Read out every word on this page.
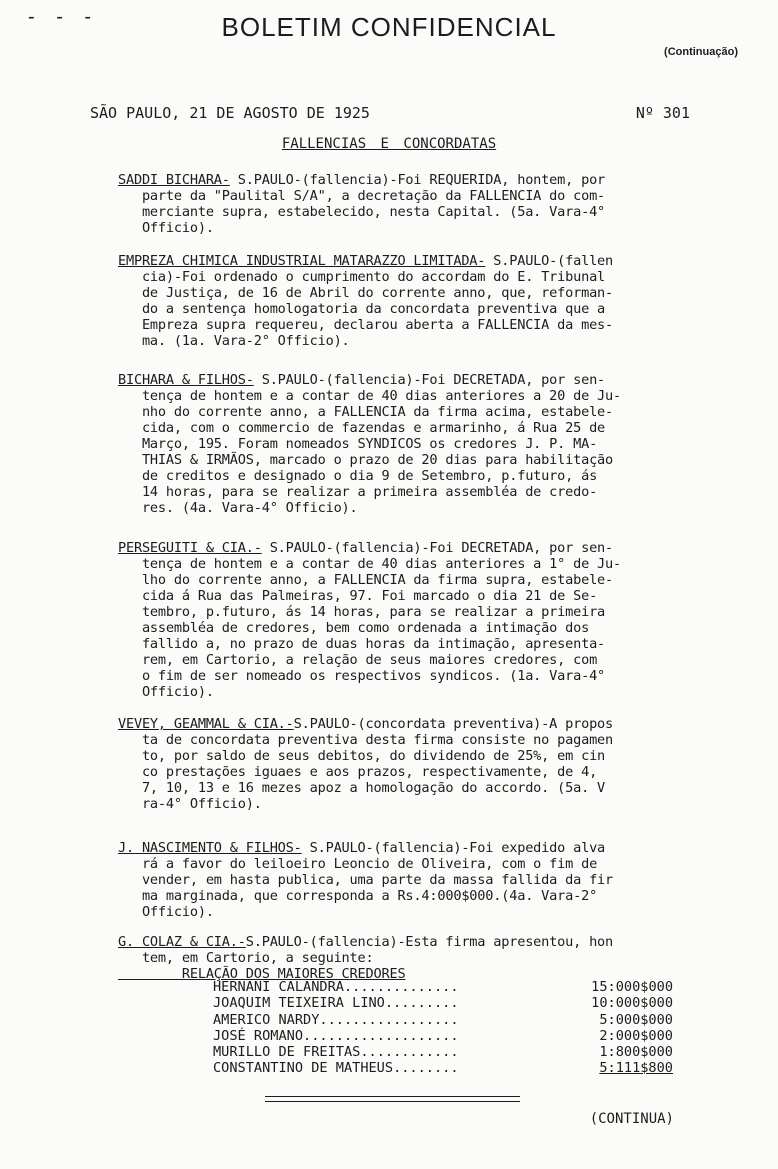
- - -	BOLETIM CONFIDENCIAL
(Continuação)
SÃO PAULO, 21 DE AGOSTO DE 1925	Nº 301
FALLENCIAS E CONCORDATAS
SADDI BICHARA- S.PAULO-(fallencia)-Foi REQUERIDA, hontem, por
parte da "Paulital S/A", a decretação da FALLENCIA do com-
merciante supra, estabelecido, nesta Capital. (5a. Vara-4°
Officio).
EMPREZA CHIMICA INDUSTRIAL MATARAZZO LIMITADA- S.PAULO-(fallen
cia)-Foi ordenado o cumprimento do accordam do E. Tribunal
de Justiça, de 16 de Abril do corrente anno, que, reforman-
do a sentença homologatoria da concordata preventiva que a
Empreza supra requereu, declarou aberta a FALLENCIA da mes-
ma. (1a. Vara-2° Officio).
BICHARA & FILHOS- S.PAULO-(fallencia)-Foi DECRETADA, por sen-
tença de hontem e a contar de 40 dias anteriores a 20 de Ju-
nho do corrente anno, a FALLENCIA da firma acima, estabele-
cida, com o commercio de fazendas e armarinho, á Rua 25 de
Março, 195. Foram nomeados SYNDICOS os credores J. P. MA-
THIAS & IRMÃOS, marcado o prazo de 20 dias para habilitação
de creditos e designado o dia 9 de Setembro, p.futuro, ás
14 horas, para se realizar a primeira assembléa de credo-
res. (4a. Vara-4° Officio).
PERSEGUITI & CIA.- S.PAULO-(fallencia)-Foi DECRETADA, por sen-
tença de hontem e a contar de 40 dias anteriores a 1° de Ju-
lho do corrente anno, a FALLENCIA da firma supra, estabele-
cida á Rua das Palmeiras, 97. Foi marcado o dia 21 de Se-
tembro, p.futuro, ás 14 horas, para se realizar a primeira
assembléa de credores, bem como ordenada a intimação dos
fallido a, no prazo de duas horas da intimação, apresenta-
rem, em Cartorio, a relação de seus maiores credores, com
o fim de ser nomeado os respectivos syndicos. (1a. Vara-4°
Officio).
VEVEY, GEAMMAL & CIA.-S.PAULO-(concordata preventiva)-A propos
ta de concordata preventiva desta firma consiste no pagamen
to, por saldo de seus debitos, do dividendo de 25%, em cin
co prestações iguaes e aos prazos, respectivamente, de 4,
7, 10, 13 e 16 mezes apoz a homologação do accordo. (5a. V
ra-4° Officio).
J. NASCIMENTO & FILHOS- S.PAULO-(fallencia)-Foi expedido alva
rá a favor do leiloeiro Leoncio de Oliveira, com o fim de
vender, em hasta publica, uma parte da massa fallida da fir
ma marginada, que corresponda a Rs.4:000$000.(4a. Vara-2°
Officio).
G. COLAZ & CIA.-S.PAULO-(fallencia)-Esta firma apresentou, hon
tem, em Cartorio, a seguinte:
RELAÇÃO DOS MAIORES CREDORES
HERNANI CALANDRA..............	15:000$000
JOAQUIM TEIXEIRA LINO.........	10:000$000
AMERICO NARDY.................	5:000$000
JOSÉ ROMANO...................	2:000$000
MURILLO DE FREITAS............	1:800$000
CONSTANTINO DE MATHEUS........	5:111$800
(CONTINUA)
